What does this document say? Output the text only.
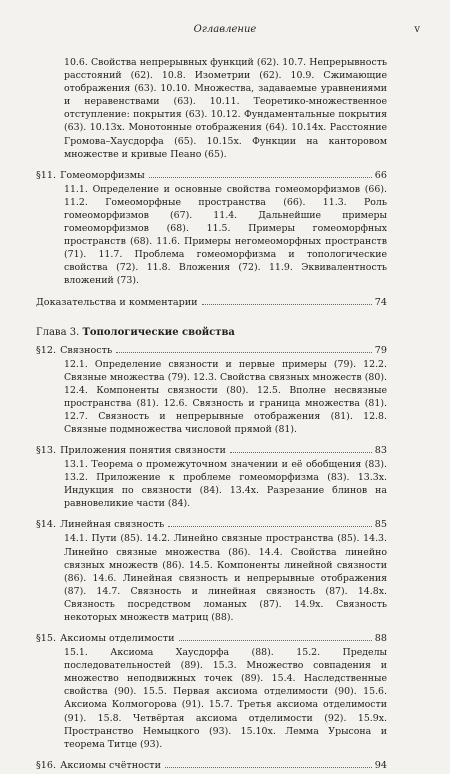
Оглавление	v

10.6. Свойства непрерывных функций (62). 10.7. Непрерывность расстояний (62). 10.8. Изометрии (62). 10.9. Сжимающие отображения (63). 10.10. Множества, задаваемые уравнениями и неравенствами (63). 10.11. Теоретико-множественное отступление: покрытия (63). 10.12. Фундаментальные покрытия (63). 10.13x. Монотонные отображения (64). 10.14x. Расстояние Громова–Хаусдорфа (65). 10.15x. Функции на канторовом множестве и кривые Пеано (65).

§11. Гомеоморфизмы	66

11.1. Определение и основные свойства гомеоморфизмов (66). 11.2. Гомеоморфные пространства (66). 11.3. Роль гомеоморфизмов (67). 11.4. Дальнейшие примеры гомеоморфизмов (68). 11.5. Примеры гомеоморфных пространств (68). 11.6. Примеры негомеоморфных пространств (71). 11.7. Проблема гомеоморфизма и топологические свойства (72). 11.8. Вложения (72). 11.9. Эквивалентность вложений (73).

Доказательства и комментарии	74
Глава 3. Топологические свойства
§12. Связность	79

12.1. Определение связности и первые примеры (79). 12.2. Связные множества (79). 12.3. Свойства связных множеств (80). 12.4. Компоненты связности (80). 12.5. Вполне несвязные пространства (81). 12.6. Связность и граница множества (81). 12.7. Связность и непрерывные отображения (81). 12.8. Связные подмножества числовой прямой (81).

§13. Приложения понятия связности	83

13.1. Теорема о промежуточном значении и её обобщения (83). 13.2. Приложение к проблеме гомеоморфизма (83). 13.3x. Индукция по связности (84). 13.4x. Разрезание блинов на равновеликие части (84).

§14. Линейная связность	85

14.1. Пути (85). 14.2. Линейно связные пространства (85). 14.3. Линейно связные множества (86). 14.4. Свойства линейно связных множеств (86). 14.5. Компоненты линейной связности (86). 14.6. Линейная связность и непрерывные отображения (87). 14.7. Связность и линейная связность (87). 14.8x. Связность посредством ломаных (87). 14.9x. Связность некоторых множеств матриц (88).

§15. Аксиомы отделимости	88

15.1. Аксиома Хаусдорфа (88). 15.2. Пределы последовательностей (89). 15.3. Множество совпадения и множество неподвижных точек (89). 15.4. Наследственные свойства (90). 15.5. Первая аксиома отделимости (90). 15.6. Аксиома Колмогорова (91). 15.7. Третья аксиома отделимости (91). 15.8. Четвёртая аксиома отделимости (92). 15.9x. Пространство Немыцкого (93). 15.10x. Лемма Урысона и теорема Титце (93).

§16. Аксиомы счётности	94
